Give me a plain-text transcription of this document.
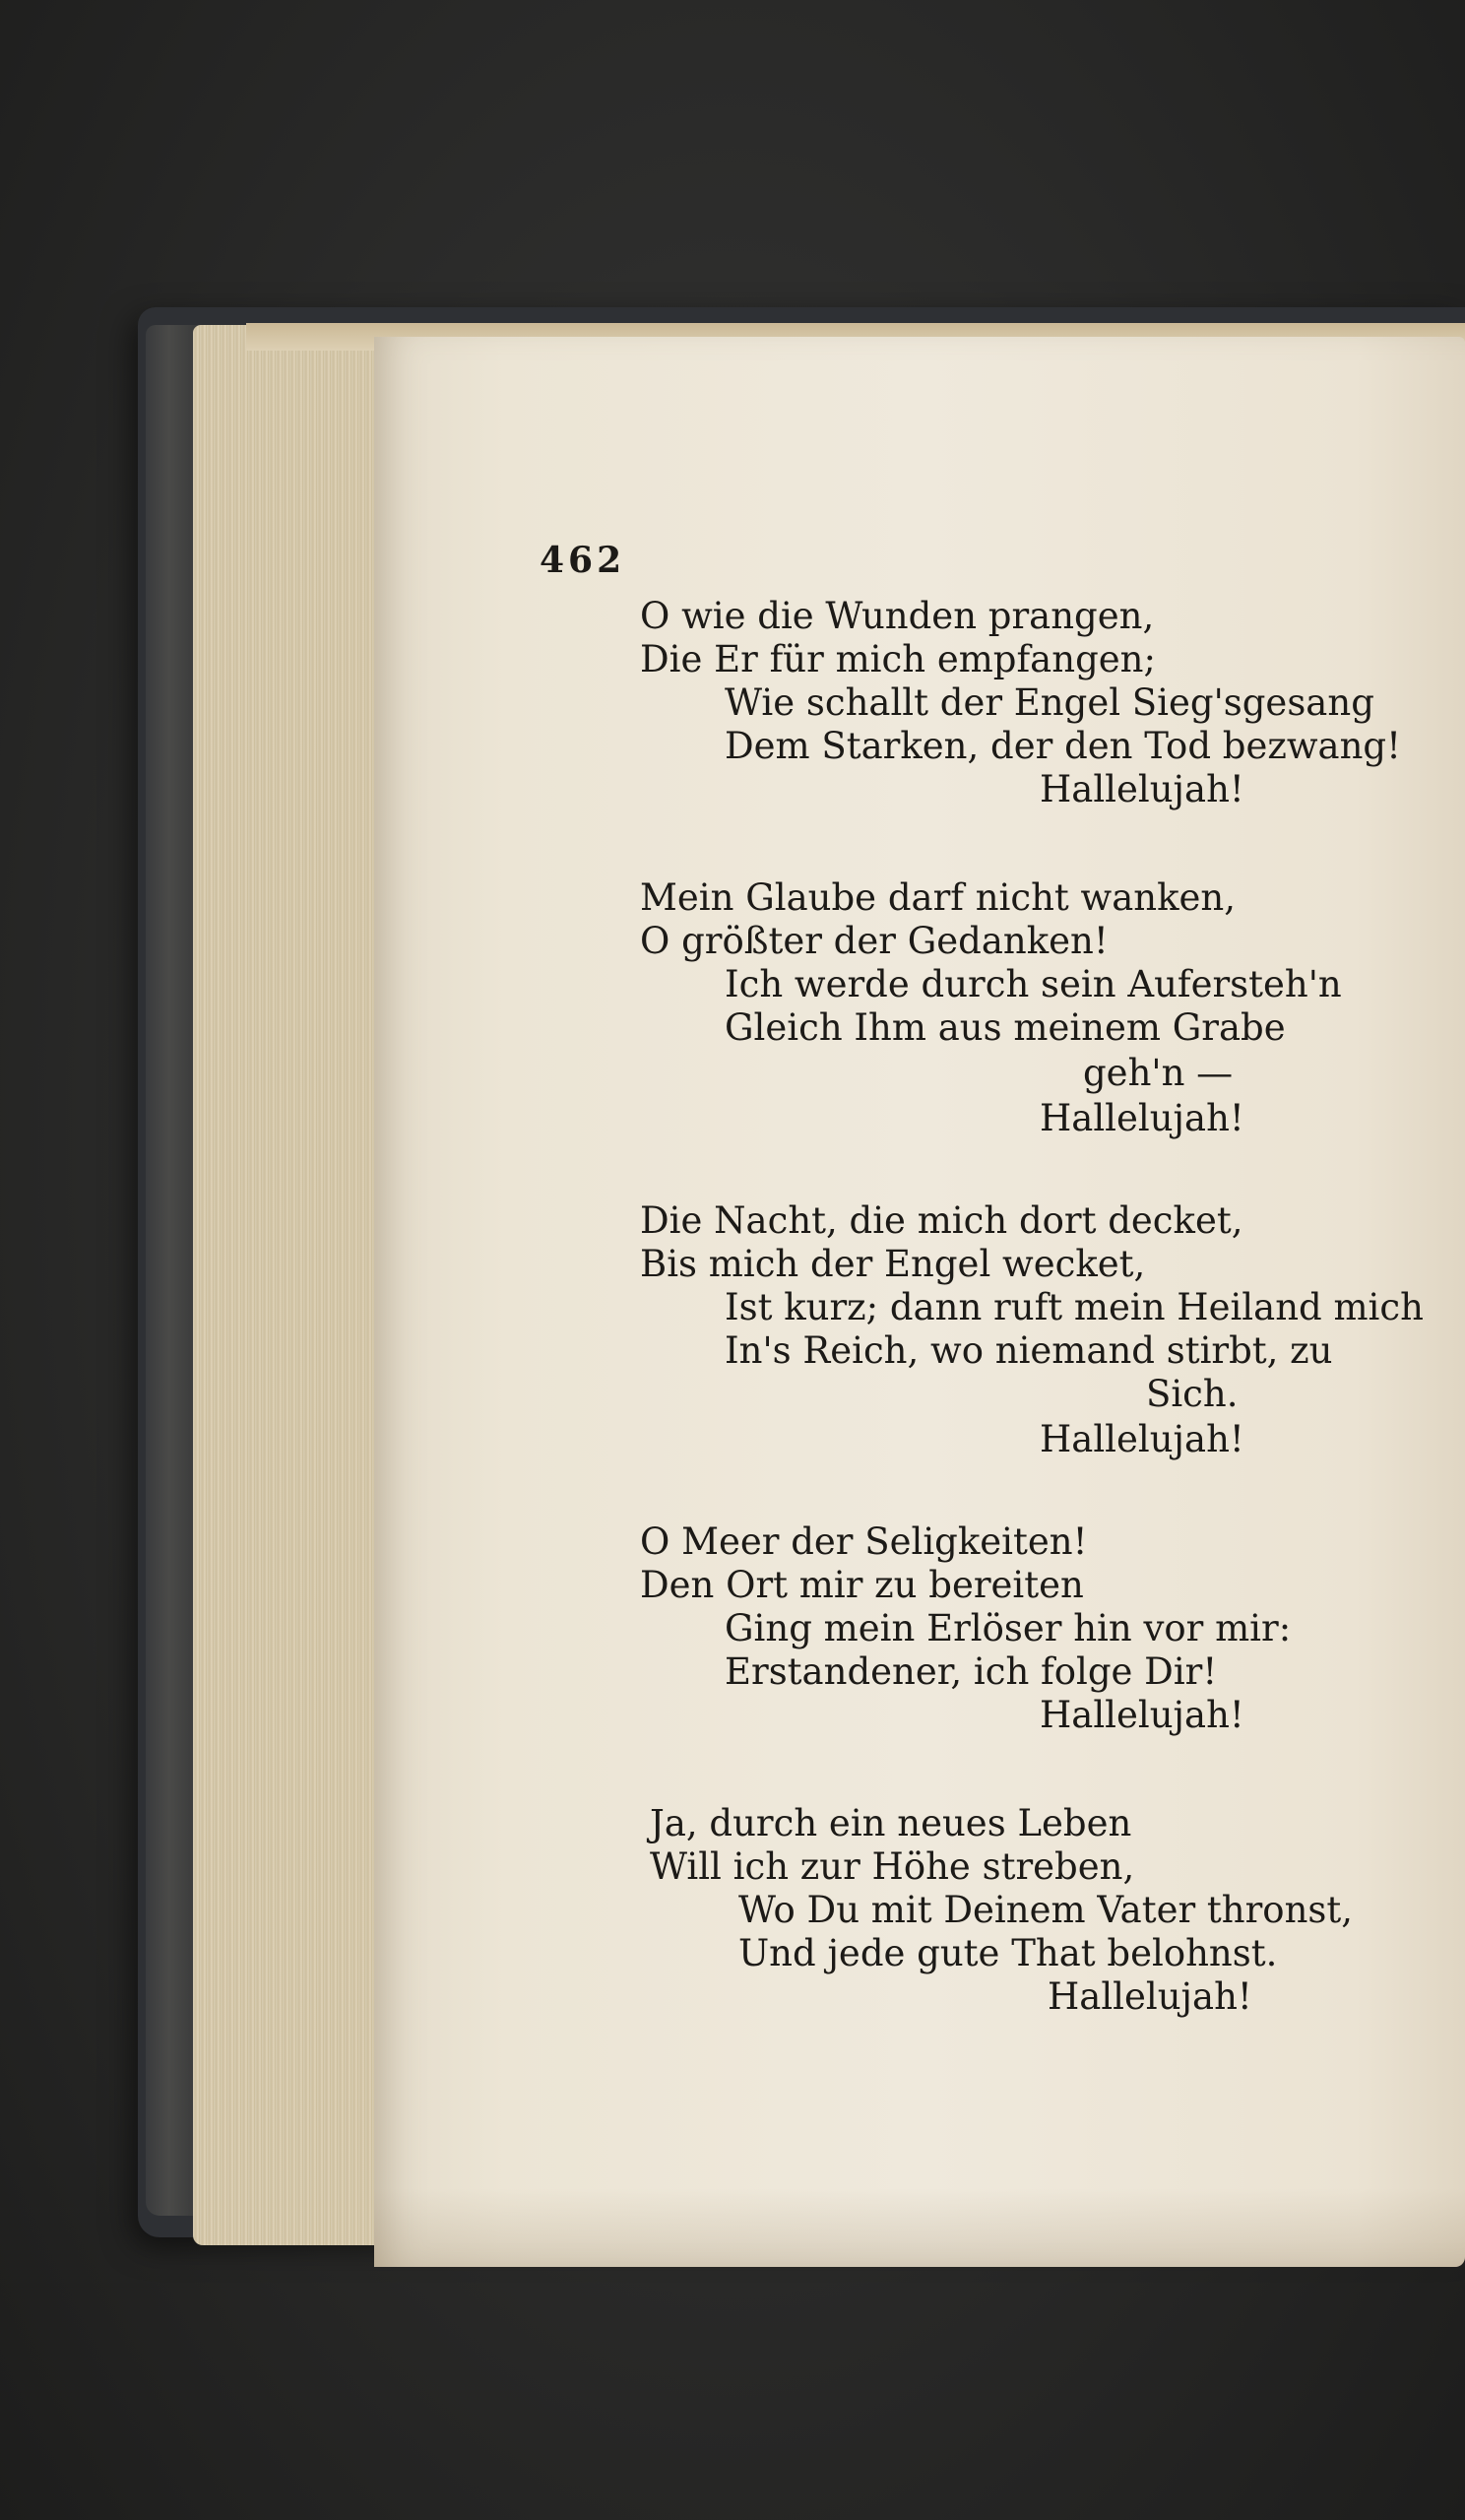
462
O wie die Wunden prangen,
Die Er für mich empfangen;
Wie schallt der Engel Sieg'sgesang
Dem Starken, der den Tod bezwang!
Hallelujah!
Mein Glaube darf nicht wanken,
O größter der Gedanken!
Ich werde durch sein Aufersteh'n
Gleich Ihm aus meinem Grabe
geh'n —
Hallelujah!
Die Nacht, die mich dort decket,
Bis mich der Engel wecket,
Ist kurz; dann ruft mein Heiland mich
In's Reich, wo niemand stirbt, zu
Sich.
Hallelujah!
O Meer der Seligkeiten!
Den Ort mir zu bereiten
Ging mein Erlöser hin vor mir:
Erstandener, ich folge Dir!
Hallelujah!
Ja, durch ein neues Leben
Will ich zur Höhe streben,
Wo Du mit Deinem Vater thronst,
Und jede gute That belohnst.
Hallelujah!
